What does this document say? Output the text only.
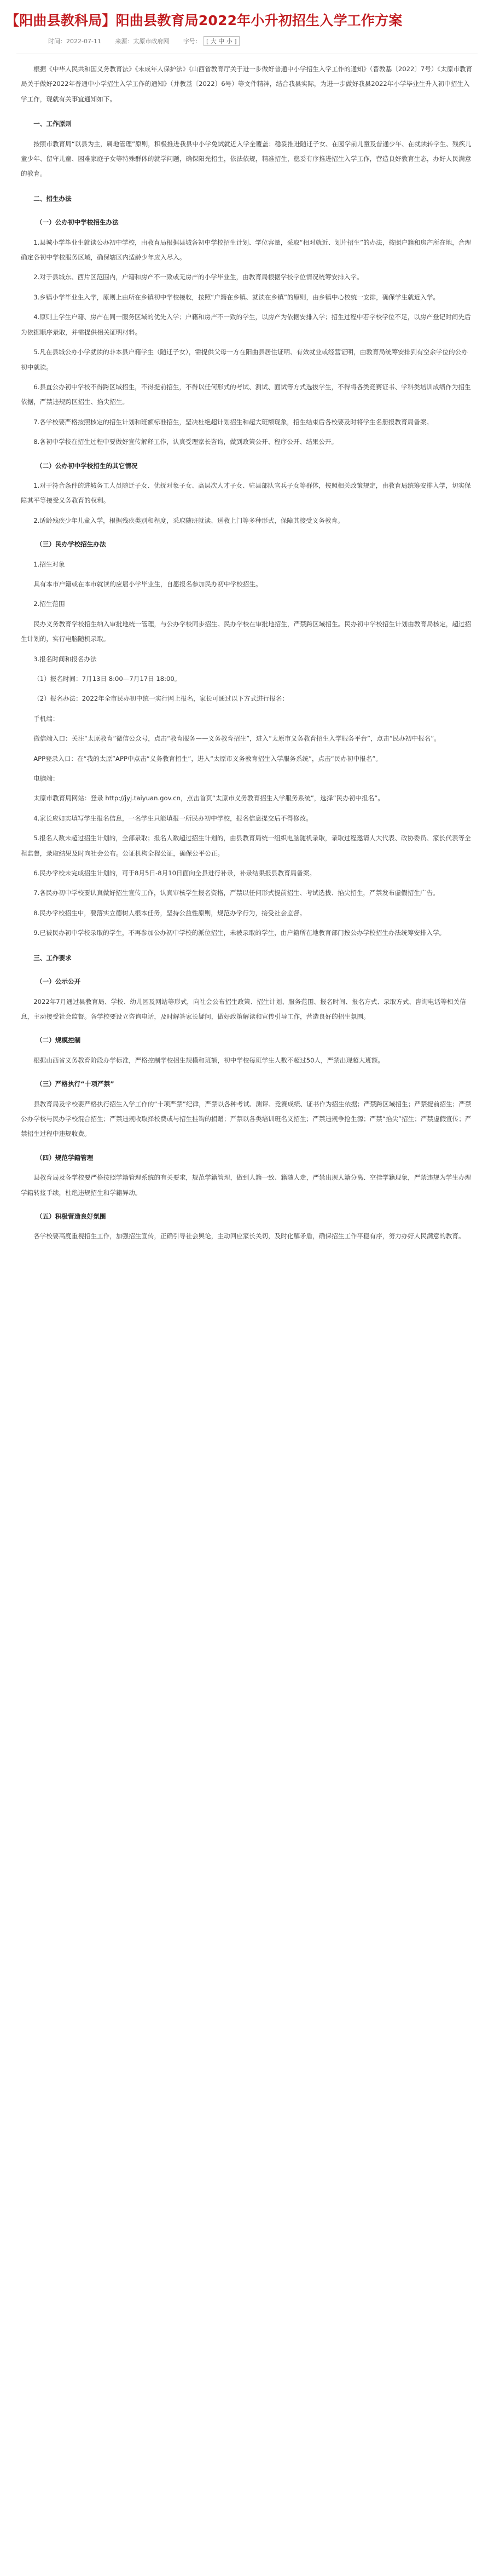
【阳曲县教科局】阳曲县教育局2022年小升初招生入学工作方案
时间：2022-07-11 来源：太原市政府网 字号： [ 大 中 小 ]

根据《中华人民共和国义务教育法》《未成年人保护法》《山西省教育厅关于进一步做好普通中小学招生入学工作的通知》（晋教基〔2022〕7号）《太原市教育局关于做好2022年普通中小学招生入学工作的通知》（并教基〔2022〕6号）等文件精神，结合我县实际，为进一步做好我县2022年小学毕业生升入初中招生入学工作，现就有关事宜通知如下。

一、工作原则

按照市教育局“以县为主，属地管理”原则，积极推进我县中小学免试就近入学全覆盖；稳妥推进随迁子女、在园学前儿童及普通少年、在就读转学生、残疾儿童少年、留守儿童、困难家庭子女等特殊群体的就学问题，确保阳光招生，依法依规，精准招生，稳妥有序推进招生入学工作，营造良好教育生态，办好人民满意的教育。

二、招生办法

（一）公办初中学校招生办法

1.县城小学毕业生就读公办初中学校，由教育局根据县城各初中学校招生计划、学位容量，采取“相对就近、划片招生”的办法，按照户籍和房产所在地，合理确定各初中学校服务区域，确保辖区内适龄少年应入尽入。

2.对于县城东、西片区范围内，户籍和房产不一致或无房产的小学毕业生，由教育局根据学校学位情况统筹安排入学。

3.乡镇小学毕业生入学，原则上由所在乡镇初中学校接收，按照“户籍在乡镇、就读在乡镇”的原则，由乡镇中心校统一安排，确保学生就近入学。

4.原则上学生户籍、房产在同一服务区域的优先入学；户籍和房产不一致的学生，以房产为依据安排入学；招生过程中若学校学位不足，以房产登记时间先后为依据顺序录取，并需提供相关证明材料。

5.凡在县城公办小学就读的非本县户籍学生（随迁子女），需提供父母一方在阳曲县居住证明、有效就业或经营证明，由教育局统筹安排到有空余学位的公办初中就读。

6.县直公办初中学校不得跨区域招生，不得提前招生，不得以任何形式的考试、测试、面试等方式选拔学生，不得将各类竞赛证书、学科类培训成绩作为招生依据，严禁违规跨区招生、掐尖招生。

7.各学校要严格按照核定的招生计划和班额标准招生，坚决杜绝超计划招生和超大班额现象，招生结束后各校要及时将学生名册报教育局备案。

8.各初中学校在招生过程中要做好宣传解释工作，认真受理家长咨询，做到政策公开、程序公开、结果公开。

（二）公办初中学校招生的其它情况

1.对于符合条件的进城务工人员随迁子女、优抚对象子女、高层次人才子女、驻县部队官兵子女等群体，按照相关政策规定，由教育局统筹安排入学，切实保障其平等接受义务教育的权利。

2.适龄残疾少年儿童入学，根据残疾类别和程度，采取随班就读、送教上门等多种形式，保障其接受义务教育。

（三）民办学校招生办法

1.招生对象

具有本市户籍或在本市就读的应届小学毕业生，自愿报名参加民办初中学校招生。

2.招生范围

民办义务教育学校招生纳入审批地统一管理，与公办学校同步招生。民办学校在审批地招生，严禁跨区域招生。民办初中学校招生计划由教育局核定，超过招生计划的，实行电脑随机录取。

3.报名时间和报名办法

（1）报名时间：7月13日 8:00—7月17日 18:00。

（2）报名办法：2022年全市民办初中统一实行网上报名，家长可通过以下方式进行报名：

手机端：

微信端入口：关注“太原教育”微信公众号，点击“教育服务——义务教育招生”，进入“太原市义务教育招生入学服务平台”，点击“民办初中报名”。

APP登录入口：在“我的太原”APP中点击“义务教育招生”，进入“太原市义务教育招生入学服务系统”，点击“民办初中报名”。

电脑端：

太原市教育局网站：登录 http://jyj.taiyuan.gov.cn，点击首页“太原市义务教育招生入学服务系统”，选择“民办初中报名”。

4.家长应如实填写学生报名信息，一名学生只能填报一所民办初中学校，报名信息提交后不得修改。

5.报名人数未超过招生计划的，全部录取；报名人数超过招生计划的，由县教育局统一组织电脑随机录取，录取过程邀请人大代表、政协委员、家长代表等全程监督，录取结果及时向社会公布。公证机构全程公证，确保公平公正。

6.民办学校未完成招生计划的，可于8月5日-8月10日面向全县进行补录，补录结果报县教育局备案。

7.各民办初中学校要认真做好招生宣传工作，认真审核学生报名资格，严禁以任何形式提前招生、考试选拔、掐尖招生，严禁发布虚假招生广告。

8.民办学校招生中，要落实立德树人根本任务，坚持公益性原则，规范办学行为，接受社会监督。

9.已被民办初中学校录取的学生，不再参加公办初中学校的派位招生，未被录取的学生，由户籍所在地教育部门按公办学校招生办法统筹安排入学。

三、工作要求

（一）公示公开

2022年7月通过县教育局、学校、幼儿园及网站等形式，向社会公布招生政策、招生计划、服务范围、报名时间、报名方式、录取方式、咨询电话等相关信息，主动接受社会监督。各学校要设立咨询电话，及时解答家长疑问，做好政策解读和宣传引导工作，营造良好的招生氛围。

（二）规模控制

根据山西省义务教育阶段办学标准，严格控制学校招生规模和班额，初中学校每班学生人数不超过50人，严禁出现超大班额。

（三）严格执行“十项严禁”

县教育局及学校要严格执行招生入学工作的“十项严禁”纪律，严禁以各种考试、测评、竞赛成绩、证书作为招生依据；严禁跨区域招生；严禁提前招生；严禁公办学校与民办学校混合招生；严禁违规收取择校费或与招生挂钩的捐赠；严禁以各类培训班名义招生；严禁违规争抢生源；严禁“掐尖”招生；严禁虚假宣传；严禁招生过程中违规收费。

（四）规范学籍管理

县教育局及各学校要严格按照学籍管理系统的有关要求，规范学籍管理，做到人籍一致、籍随人走，严禁出现人籍分离、空挂学籍现象，严禁违规为学生办理学籍转接手续，杜绝违规招生和学籍异动。

（五）积极营造良好氛围

各学校要高度重视招生工作，加强招生宣传，正确引导社会舆论，主动回应家长关切，及时化解矛盾，确保招生工作平稳有序，努力办好人民满意的教育。
